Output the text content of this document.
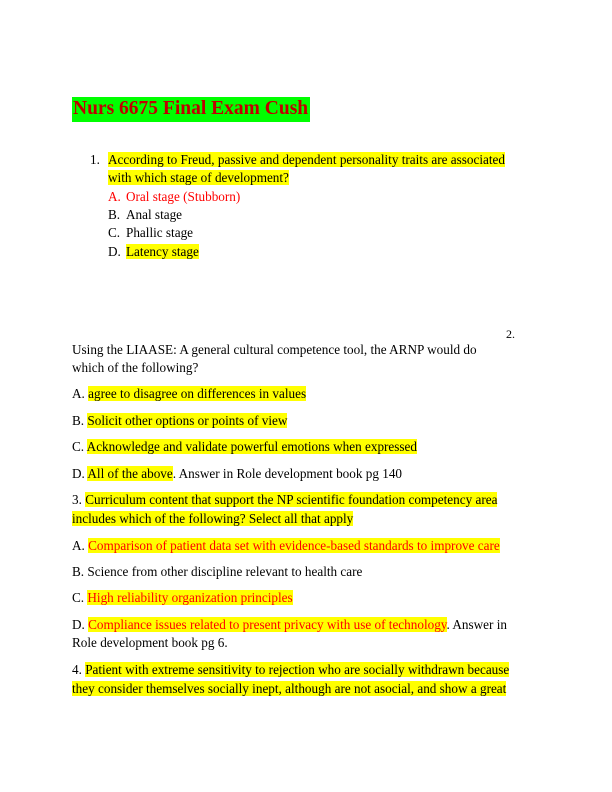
Nurs 6675 Final Exam Cush
1. According to Freud, passive and dependent personality traits are associated
with which stage of development?
A. Oral stage (Stubborn)
B. Anal stage
C. Phallic stage
D. Latency stage
2.
Using the LIAASE: A general cultural competence tool, the ARNP would do
which of the following?
A. agree to disagree on differences in values
B. Solicit other options or points of view
C. Acknowledge and validate powerful emotions when expressed
D. All of the above. Answer in Role development book pg 140
3. Curriculum content that support the NP scientific foundation competency area
includes which of the following? Select all that apply
A. Comparison of patient data set with evidence-based standards to improve care
B. Science from other discipline relevant to health care
C. High reliability organization principles
D. Compliance issues related to present privacy with use of technology. Answer in
Role development book pg 6.
4. Patient with extreme sensitivity to rejection who are socially withdrawn because
they consider themselves socially inept, although are not asocial, and show a great
